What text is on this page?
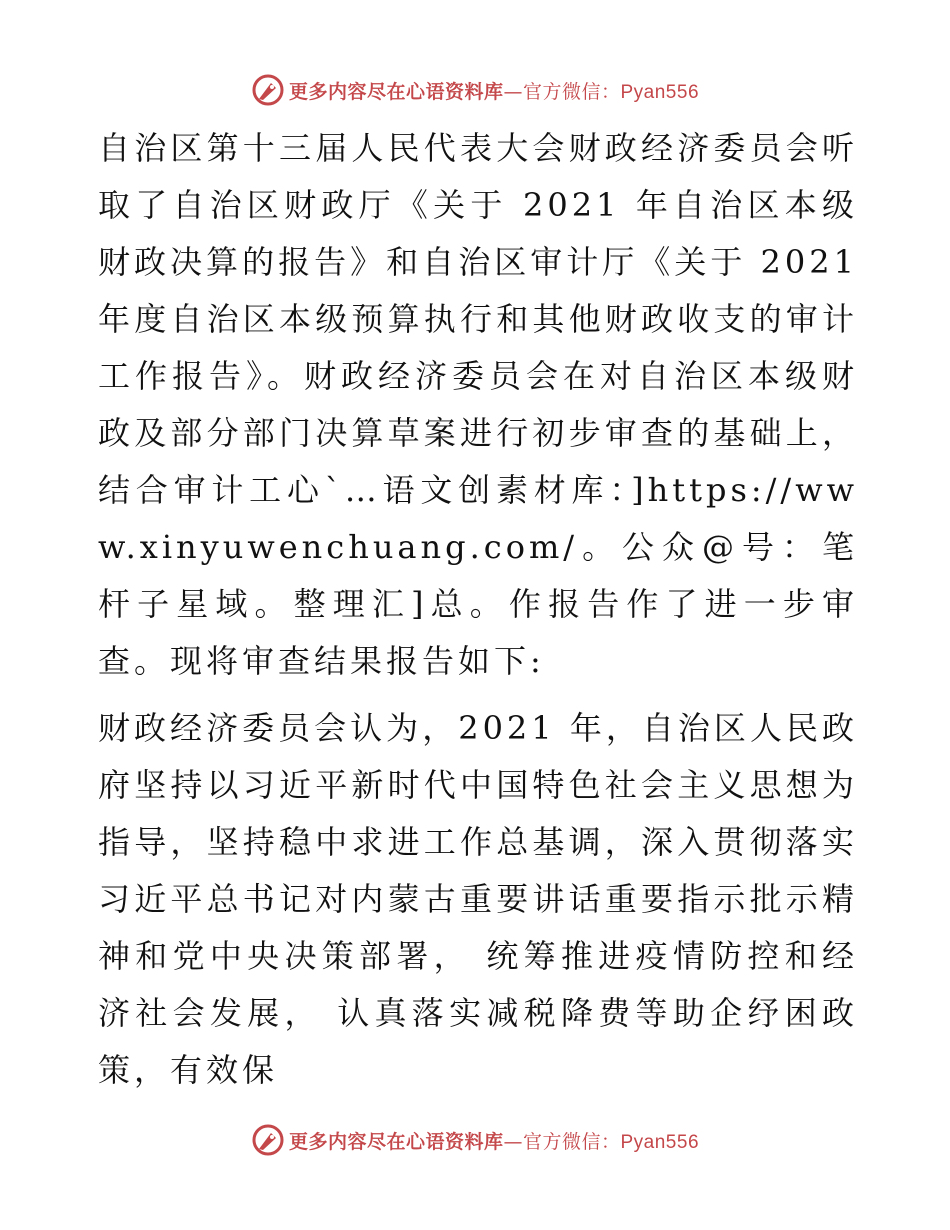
更多内容尽在心语资料库—官方微信：Pyan556

自治区第十三届人民代表大会财政经济委员会听取了自治区财政厅《关于 2021 年自治区本级财政决算的报告》和自治区审计厅《关于 2021 年度自治区本级预算执行和其他财政收支的审计工作报告》。财政经济委员会在对自治区本级财政及部分部门决算草案进行初步审查的基础上，结合审计工心`…语文创素材库：]https://www.xinyuwenchuang.com/。公众@号：笔杆子星域。整理汇]总。作报告作了进一步审查。现将审查结果报告如下:

财政经济委员会认为，2021 年，自治区人民政府坚持以习近平新时代中国特色社会主义思想为指导，坚持稳中求进工作总基调，深入贯彻落实习近平总书记对内蒙古重要讲话重要指示批示精神和党中央决策部署， 统筹推进疫情防控和经济社会发展， 认真落实减税降费等助企纾困政策，有效保

更多内容尽在心语资料库—官方微信：Pyan556
